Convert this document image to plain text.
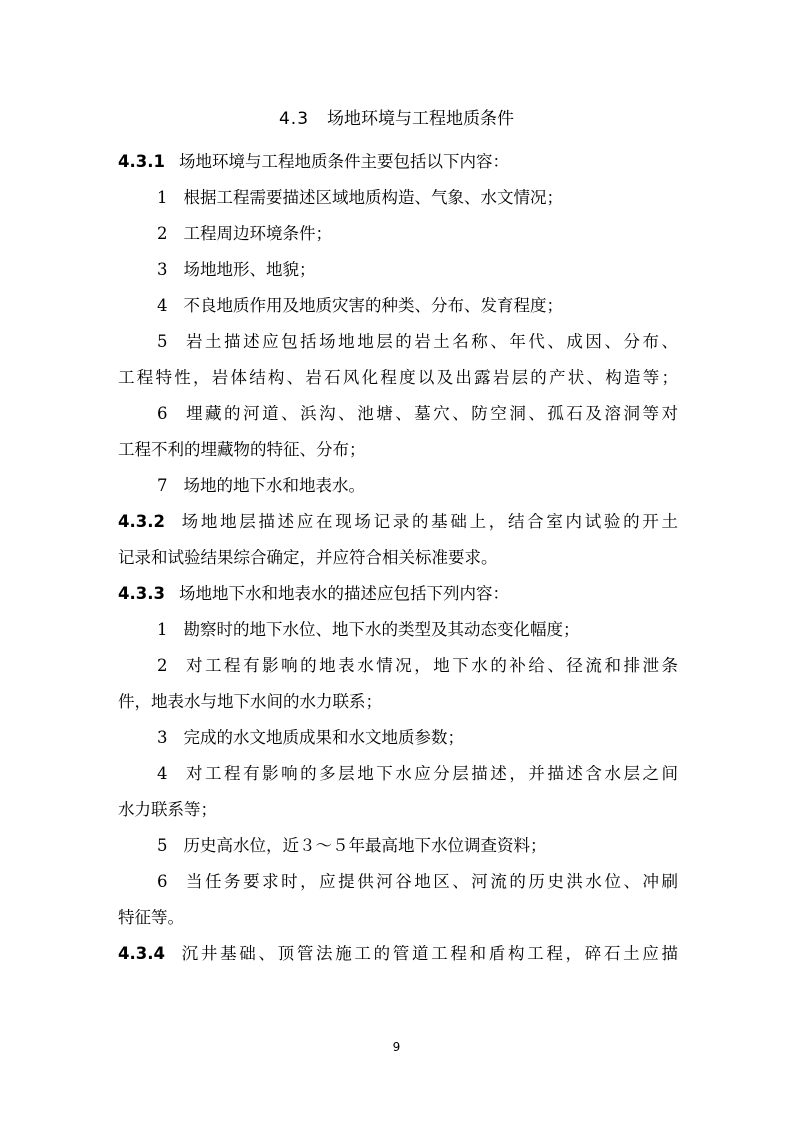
4.3 场地环境与工程地质条件
4.3.1 场地环境与工程地质条件主要包括以下内容：
1 根据工程需要描述区域地质构造、气象、水文情况；
2 工程周边环境条件；
3 场地地形、地貌；
4 不良地质作用及地质灾害的种类、分布、发育程度；
5 岩土描述应包括场地地层的岩土名称、年代、成因、分布、
工程特性，岩体结构、岩石风化程度以及出露岩层的产状、构造等；
6 埋藏的河道、浜沟、池塘、墓穴、防空洞、孤石及溶洞等对
工程不利的埋藏物的特征、分布；
7 场地的地下水和地表水。
4.3.2 场地地层描述应在现场记录的基础上，结合室内试验的开土
记录和试验结果综合确定，并应符合相关标准要求。
4.3.3 场地地下水和地表水的描述应包括下列内容：
1 勘察时的地下水位、地下水的类型及其动态变化幅度；
2 对工程有影响的地表水情况，地下水的补给、径流和排泄条
件，地表水与地下水间的水力联系；
3 完成的水文地质成果和水文地质参数；
4 对工程有影响的多层地下水应分层描述，并描述含水层之间
水力联系等；
5 历史高水位，近３～５年最高地下水位调查资料；
6 当任务要求时，应提供河谷地区、河流的历史洪水位、冲刷
特征等。
4.3.4 沉井基础、顶管法施工的管道工程和盾构工程，碎石土应描
9
